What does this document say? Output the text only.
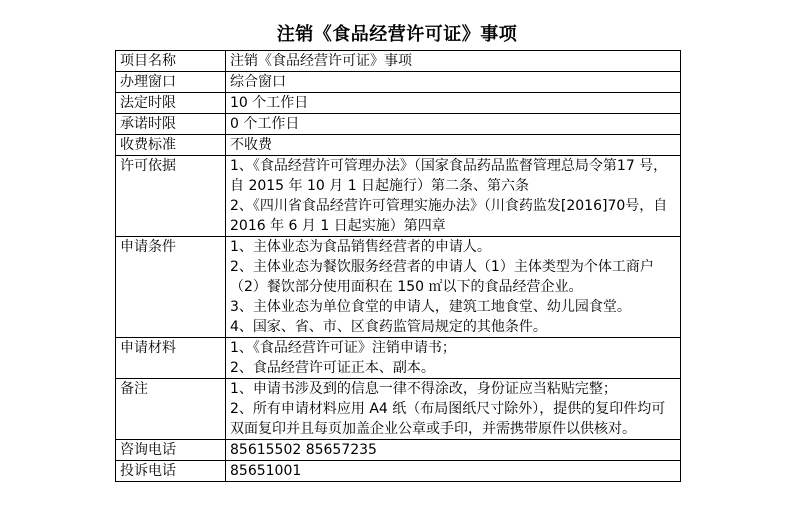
注销《食品经营许可证》事项
项目名称	注销《食品经营许可证》事项

办理窗口	综合窗口

法定时限	10 个工作日

承诺时限	0 个工作日

收费标准	不收费

许可依据	1、《食品经营许可管理办法》（国家食品药品监督管理总局令第17 号，自 2015 年 10 月 1 日起施行）第二条、第六条

2、《四川省食品经营许可管理实施办法》（川食药监发[2016]70号，自 2016 年 6 月 1 日起实施）第四章

申请条件	1、主体业态为食品销售经营者的申请人。

2、主体业态为餐饮服务经营者的申请人（1）主体类型为个体工商户　（2）餐饮部分使用面积在 150 ㎡以下的食品经营企业。

3、主体业态为单位食堂的申请人，建筑工地食堂、幼儿园食堂。

4、国家、省、市、区食药监管局规定的其他条件。

申请材料	1、《食品经营许可证》注销申请书；

2、食品经营许可证正本、副本。

备注	1、申请书涉及到的信息一律不得涂改，身份证应当粘贴完整；

2、所有申请材料应用 A4 纸（布局图纸尺寸除外），提供的复印件均可双面复印并且每页加盖企业公章或手印，并需携带原件以供核对。

咨询电话	85615502 85657235

投诉电话	85651001
